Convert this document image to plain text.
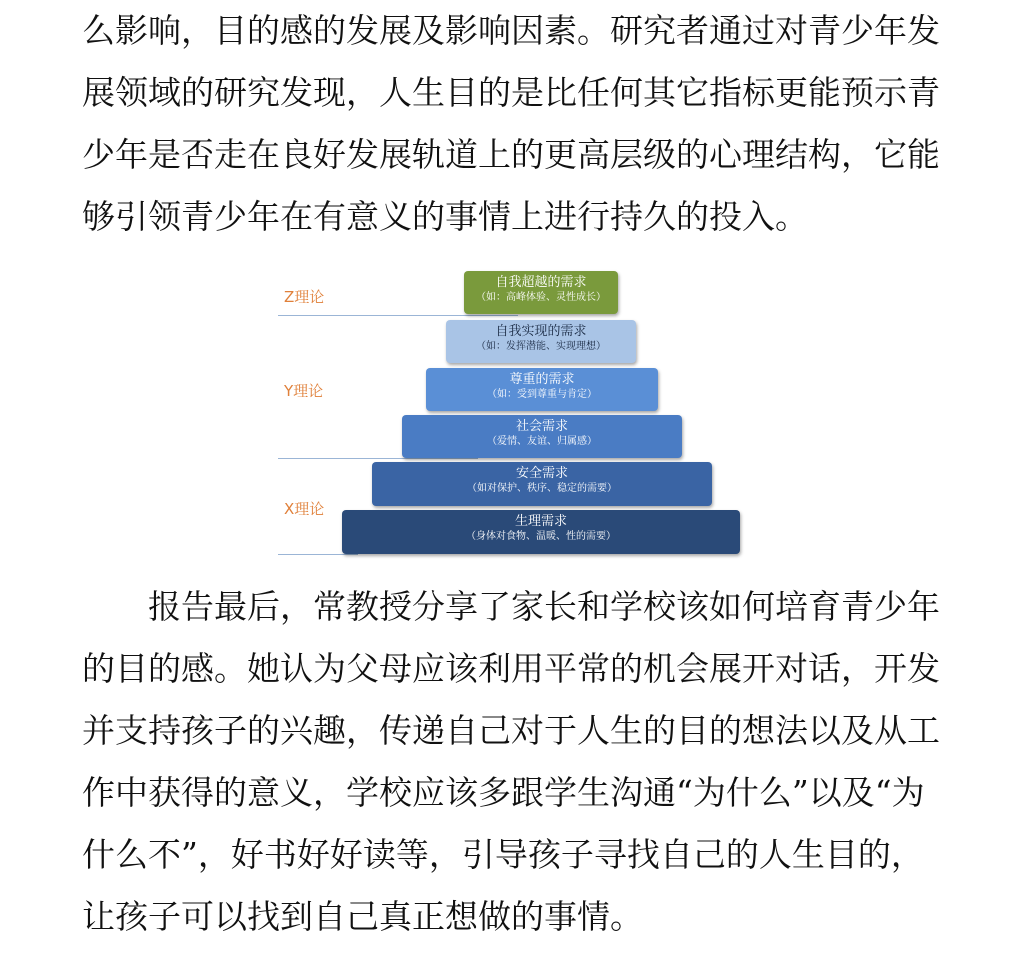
么影响，目的感的发展及影响因素。研究者通过对青少年发
展领域的研究发现，人生目的是比任何其它指标更能预示青
少年是否走在良好发展轨道上的更高层级的心理结构，它能
够引领青少年在有意义的事情上进行持久的投入。
Z理论
Y理论
X理论
自我超越的需求
（如：高峰体验、灵性成长）
自我实现的需求
（如：发挥潜能、实现理想）
尊重的需求
（如：受到尊重与肯定）
社会需求
（爱情、友谊、归属感）
安全需求
（如对保护、秩序、稳定的需要）
生理需求
（身体对食物、温暖、性的需要）
　　报告最后，常教授分享了家长和学校该如何培育青少年
的目的感。她认为父母应该利用平常的机会展开对话，开发
并支持孩子的兴趣，传递自己对于人生的目的想法以及从工
作中获得的意义，学校应该多跟学生沟通“为什么”以及“为
什么不”，好书好好读等，引导孩子寻找自己的人生目的，
让孩子可以找到自己真正想做的事情。
